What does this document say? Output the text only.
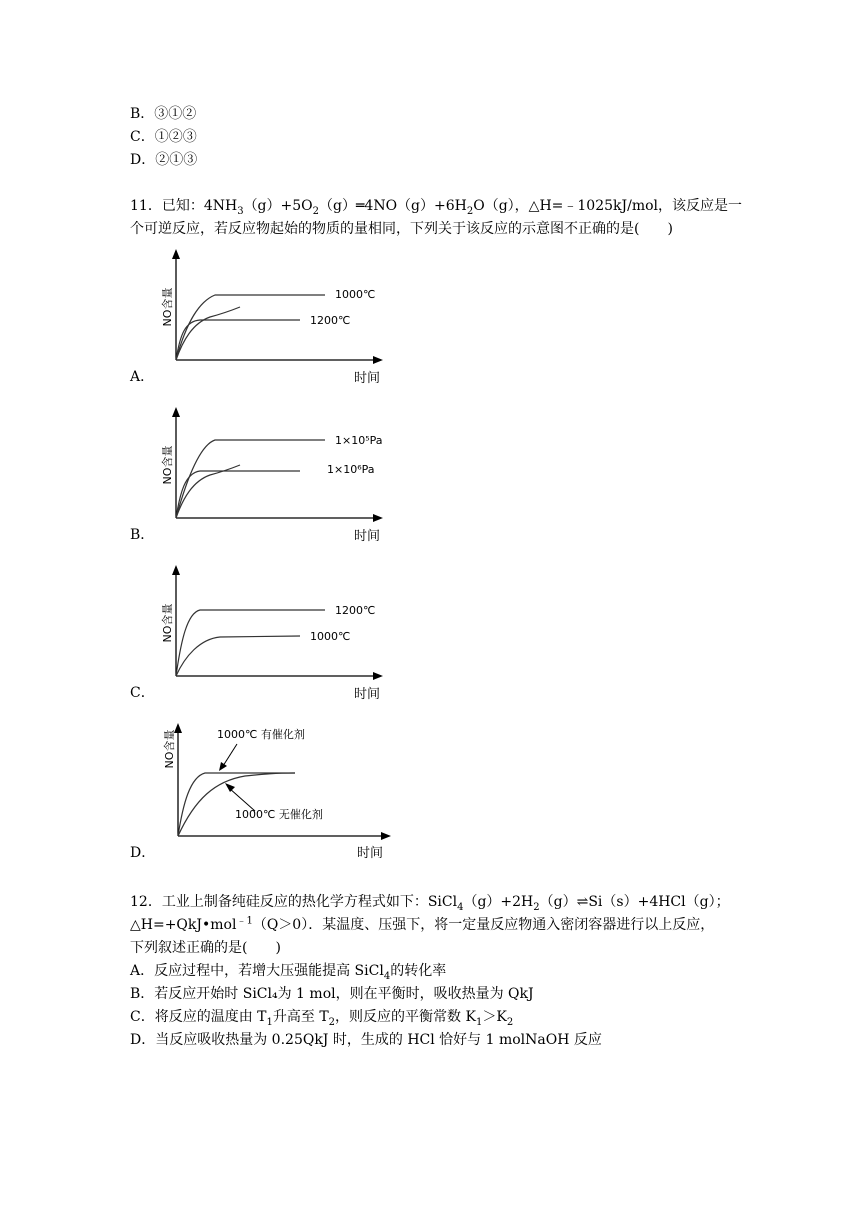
B．③①②
C．①②③
D．②①③
11．已知：$4NH_3(g)+5O_2(g)═4NO(g)+6H_2O(g)$，△H=﹣1025kJ/mol，该反应是一
个可逆反应，若反应物起始的物质的量相同，下列关于该反应的示意图不正确的是(　　)
A．
NO含量
时间
1000℃
1200℃
B．
NO含量
时间
1×10⁵Pa
1×10⁶Pa
C．
NO含量
时间
1200℃
1000℃
D．
NO含量
时间
1000℃ 有催化剂
1000℃ 无催化剂
12．工业上制备纯硅反应的热化学方程式如下：$SiCl_4(g)+2H_2(g)\rightleftharpoons Si(s)+4HCl(g)$；
△H=+QkJ•mol$^{﹣1}$（Q＞0）．某温度、压强下，将一定量反应物通入密闭容器进行以上反应，
下列叙述正确的是(　　)
A．反应过程中，若增大压强能提高 SiCl$_4$的转化率
B．若反应开始时 SiCl₄为 1 mol，则在平衡时，吸收热量为 QkJ
C．将反应的温度由 $T_1$升高至 $T_2$，则反应的平衡常数 $K_1>K_2$
D．当反应吸收热量为 0.25QkJ 时，生成的 HCl 恰好与 1 molNaOH 反应
